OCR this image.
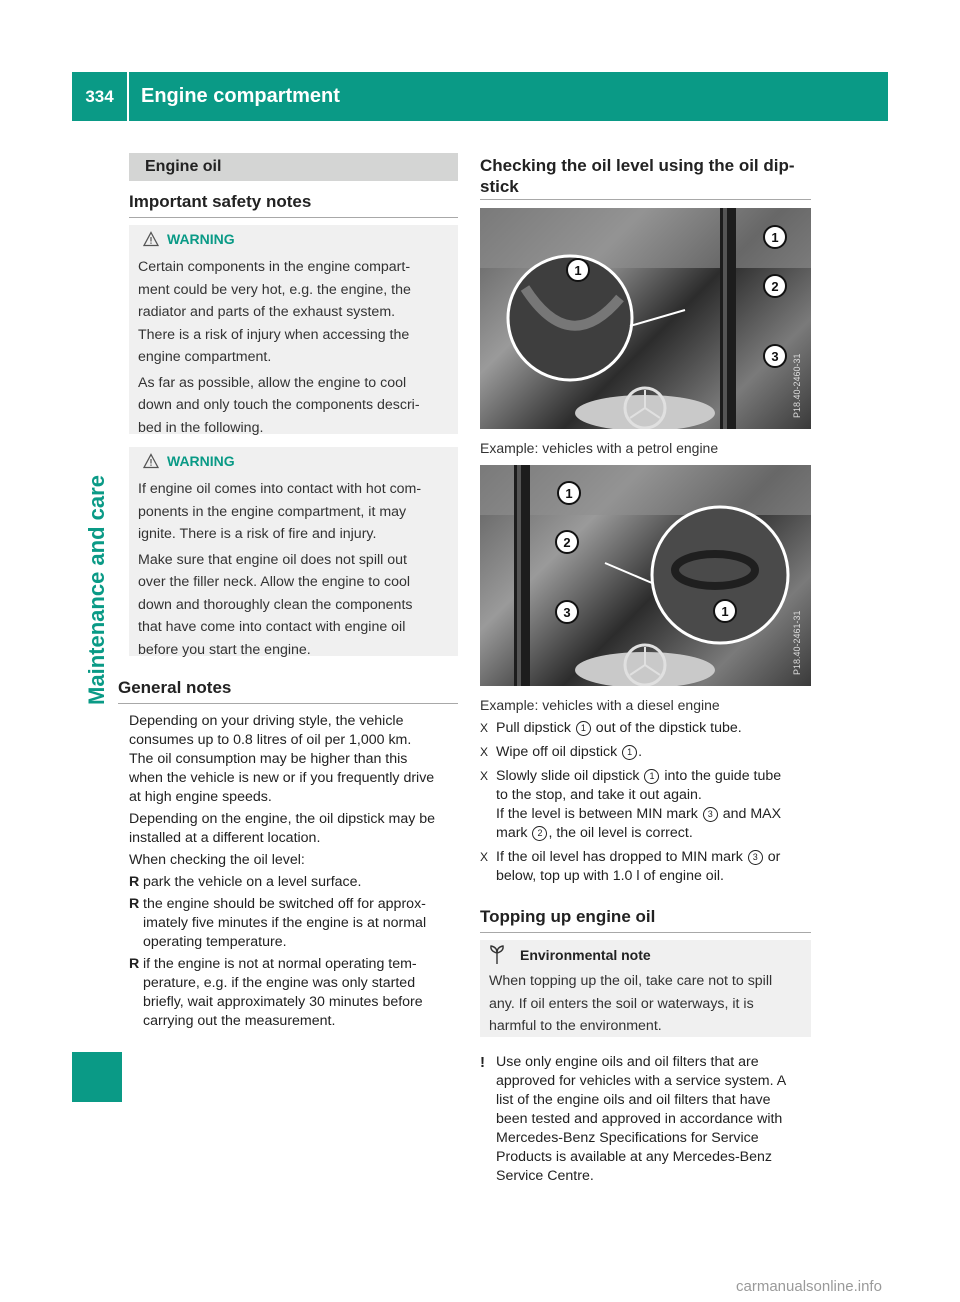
334	Engine compartment
Maintenance and care
Engine oil
Important safety notes
WARNING

Certain components in the engine compart-
ment could be very hot, e.g. the engine, the
radiator and parts of the exhaust system.
There is a risk of injury when accessing the
engine compartment.

As far as possible, allow the engine to cool
down and only touch the components descri-
bed in the following.

WARNING

If engine oil comes into contact with hot com-
ponents in the engine compartment, it may
ignite. There is a risk of fire and injury.

Make sure that engine oil does not spill out
over the filler neck. Allow the engine to cool
down and thoroughly clean the components
that have come into contact with engine oil
before you start the engine.

General notes
Depending on your driving style, the vehicle
consumes up to 0.8 litres of oil per 1,000 km.
The oil consumption may be higher than this
when the vehicle is new or if you frequently drive
at high engine speeds.
Depending on the engine, the oil dipstick may be
installed at a different location.
When checking the oil level:
R park the vehicle on a level surface.
R the engine should be switched off for approx-
imately five minutes if the engine is at normal
operating temperature.
R if the engine is not at normal operating tem-
perature, e.g. if the engine was only started
briefly, wait approximately 30 minutes before
carrying out the measurement.
Checking the oil level using the oil dip-
stick
P18.40-2460-31
1
1
2
3
Example: vehicles with a petrol engine
P18.40-2461-31
1
2
3	1
Example: vehicles with a diesel engine
X Pull dipstick 1 out of the dipstick tube.
X Wipe off oil dipstick 1 .
X Slowly slide oil dipstick 1 into the guide tube
to the stop, and take it out again.
If the level is between MIN mark 3 and MAX
mark 2 , the oil level is correct.
X If the oil level has dropped to MIN mark 3 or
below, top up with 1.0 l of engine oil.
Topping up engine oil
Environmental note
When topping up the oil, take care not to spill
any. If oil enters the soil or waterways, it is
harmful to the environment.
! Use only engine oils and oil filters that are
approved for vehicles with a service system. A
list of the engine oils and oil filters that have
been tested and approved in accordance with
Mercedes-Benz Specifications for Service
Products is available at any Mercedes-Benz
Service Centre.
carmanualsonline.info
